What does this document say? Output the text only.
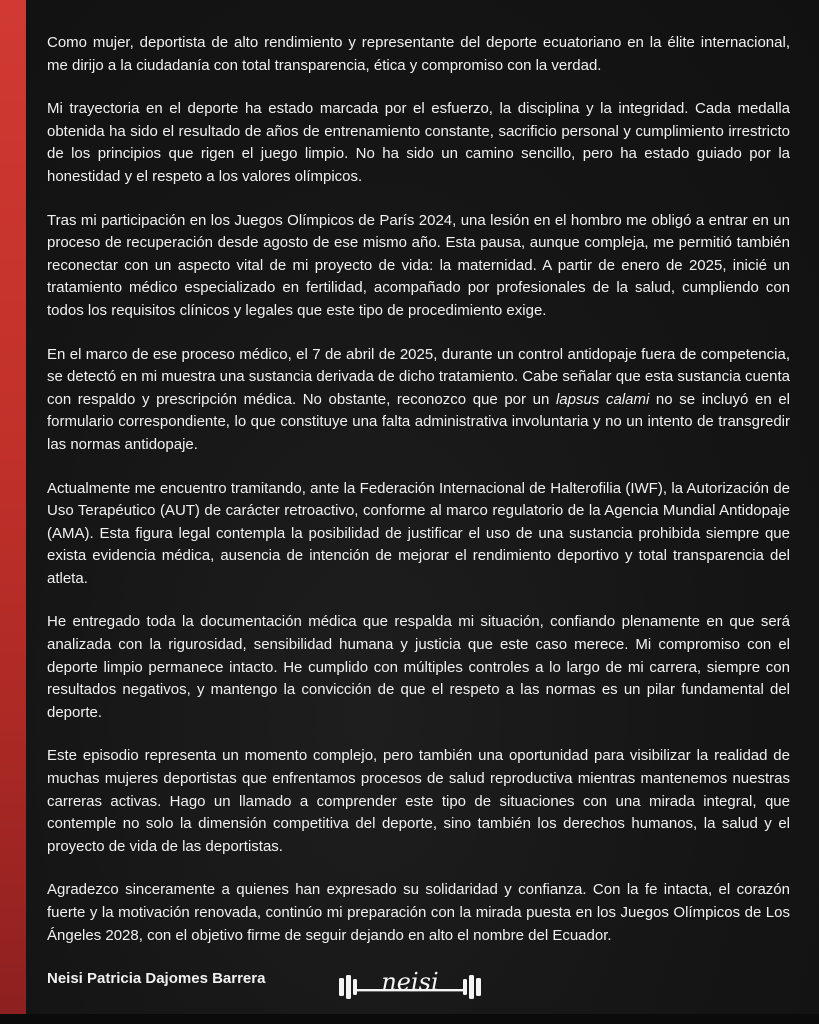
Como mujer, deportista de alto rendimiento y representante del deporte ecuatoriano en la élite internacional, me dirijo a la ciudadanía con total transparencia, ética y compromiso con la verdad.

Mi trayectoria en el deporte ha estado marcada por el esfuerzo, la disciplina y la integridad. Cada medalla obtenida ha sido el resultado de años de entrenamiento constante, sacrificio personal y cumplimiento irrestricto de los principios que rigen el juego limpio. No ha sido un camino sencillo, pero ha estado guiado por la honestidad y el respeto a los valores olímpicos.

Tras mi participación en los Juegos Olímpicos de París 2024, una lesión en el hombro me obligó a entrar en un proceso de recuperación desde agosto de ese mismo año. Esta pausa, aunque compleja, me permitió también reconectar con un aspecto vital de mi proyecto de vida: la maternidad. A partir de enero de 2025, inicié un tratamiento médico especializado en fertilidad, acompañado por profesionales de la salud, cumpliendo con todos los requisitos clínicos y legales que este tipo de procedimiento exige.

En el marco de ese proceso médico, el 7 de abril de 2025, durante un control antidopaje fuera de competencia, se detectó en mi muestra una sustancia derivada de dicho tratamiento. Cabe señalar que esta sustancia cuenta con respaldo y prescripción médica. No obstante, reconozco que por un lapsus calami no se incluyó en el formulario correspondiente, lo que constituye una falta administrativa involuntaria y no un intento de transgredir las normas antidopaje.

Actualmente me encuentro tramitando, ante la Federación Internacional de Halterofilia (IWF), la Autorización de Uso Terapéutico (AUT) de carácter retroactivo, conforme al marco regulatorio de la Agencia Mundial Antidopaje (AMA). Esta figura legal contempla la posibilidad de justificar el uso de una sustancia prohibida siempre que exista evidencia médica, ausencia de intención de mejorar el rendimiento deportivo y total transparencia del atleta.

He entregado toda la documentación médica que respalda mi situación, confiando plenamente en que será analizada con la rigurosidad, sensibilidad humana y justicia que este caso merece. Mi compromiso con el deporte limpio permanece intacto. He cumplido con múltiples controles a lo largo de mi carrera, siempre con resultados negativos, y mantengo la convicción de que el respeto a las normas es un pilar fundamental del deporte.

Este episodio representa un momento complejo, pero también una oportunidad para visibilizar la realidad de muchas mujeres deportistas que enfrentamos procesos de salud reproductiva mientras mantenemos nuestras carreras activas. Hago un llamado a comprender este tipo de situaciones con una mirada integral, que contemple no solo la dimensión competitiva del deporte, sino también los derechos humanos, la salud y el proyecto de vida de las deportistas.

Agradezco sinceramente a quienes han expresado su solidaridad y confianza. Con la fe intacta, el corazón fuerte y la motivación renovada, continúo mi preparación con la mirada puesta en los Juegos Olímpicos de Los Ángeles 2028, con el objetivo firme de seguir dejando en alto el nombre del Ecuador.

Neisi Patricia Dajomes Barrera	neisi
